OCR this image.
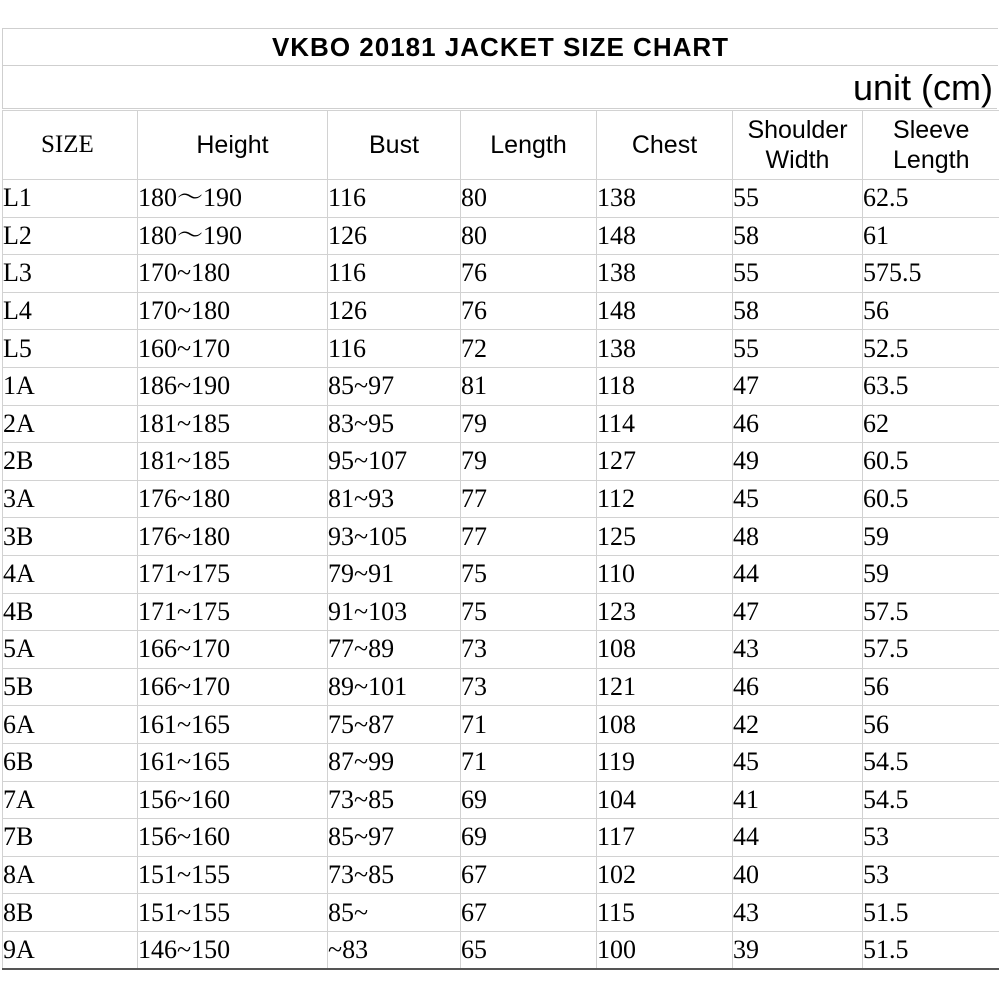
VKBO 20181 JACKET SIZE CHART
unit (cm)
SIZE	Height	Bust	Length	Chest	Shoulder Width	Sleeve Length
L1	180～190	116	80	138	55	62.5
L2	180～190	126	80	148	58	61
L3	170~180	116	76	138	55	575.5
L4	170~180	126	76	148	58	56
L5	160~170	116	72	138	55	52.5
1A	186~190	85~97	81	118	47	63.5
2A	181~185	83~95	79	114	46	62
2B	181~185	95~107	79	127	49	60.5
3A	176~180	81~93	77	112	45	60.5
3B	176~180	93~105	77	125	48	59
4A	171~175	79~91	75	110	44	59
4B	171~175	91~103	75	123	47	57.5
5A	166~170	77~89	73	108	43	57.5
5B	166~170	89~101	73	121	46	56
6A	161~165	75~87	71	108	42	56
6B	161~165	87~99	71	119	45	54.5
7A	156~160	73~85	69	104	41	54.5
7B	156~160	85~97	69	117	44	53
8A	151~155	73~85	67	102	40	53
8B	151~155	85~	67	115	43	51.5
9A	146~150	~83	65	100	39	51.5
